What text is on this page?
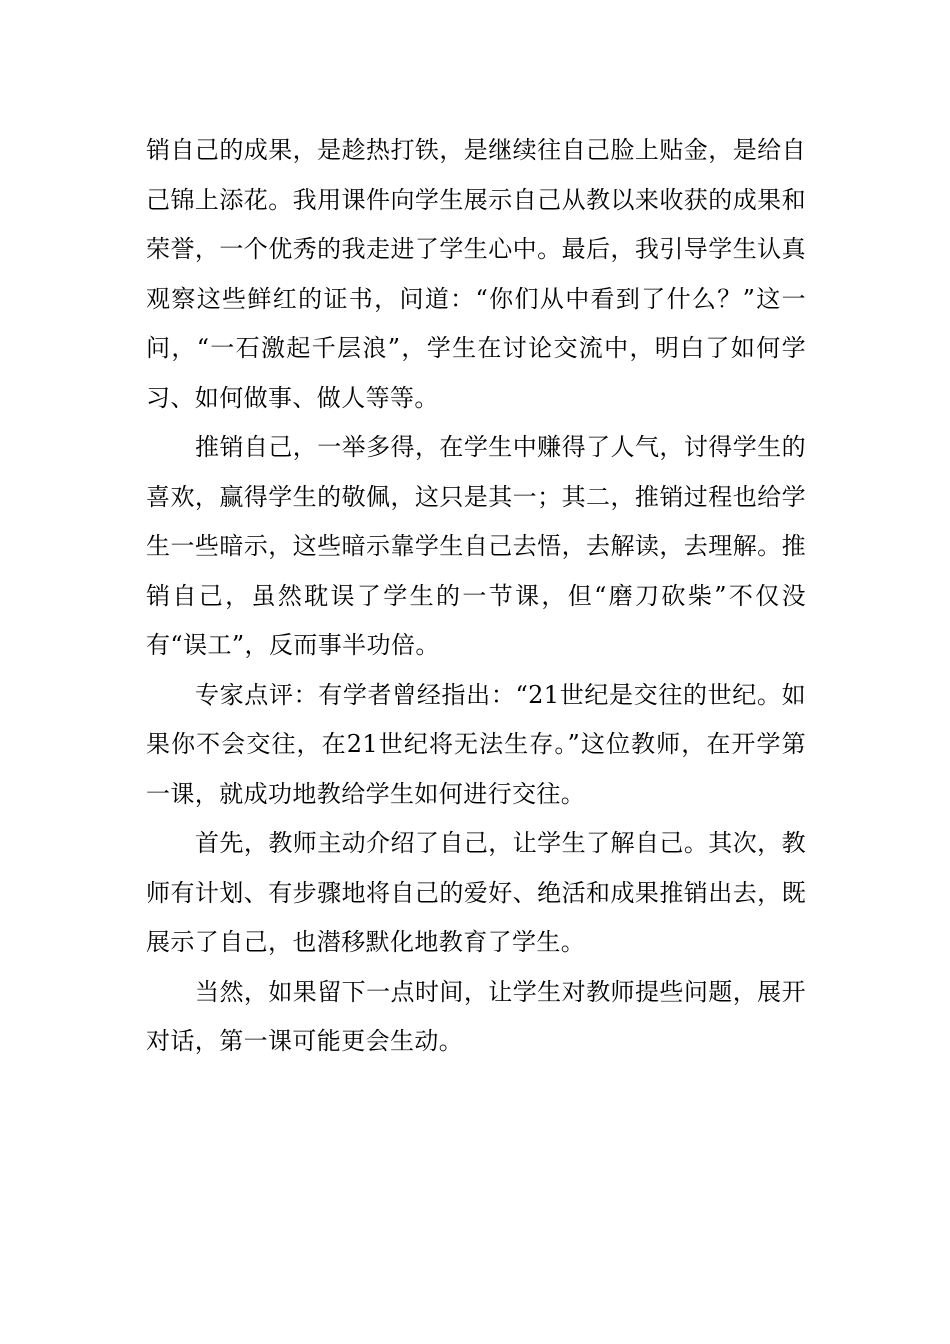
销自己的成果，是趁热打铁，是继续往自己脸上贴金，是给自己锦上添花。我用课件向学生展示自己从教以来收获的成果和荣誉，一个优秀的我走进了学生心中。最后，我引导学生认真观察这些鲜红的证书，问道：“你们从中看到了什么？”这一问，“一石激起千层浪”，学生在讨论交流中，明白了如何学习、如何做事、做人等等。

推销自己，一举多得，在学生中赚得了人气，讨得学生的喜欢，赢得学生的敬佩，这只是其一；其二，推销过程也给学生一些暗示，这些暗示靠学生自己去悟，去解读，去理解。推销自己，虽然耽误了学生的一节课，但“磨刀砍柴”不仅没有“误工”，反而事半功倍。

专家点评：有学者曾经指出：“21世纪是交往的世纪。如果你不会交往，在21世纪将无法生存。”这位教师，在开学第一课，就成功地教给学生如何进行交往。

首先，教师主动介绍了自己，让学生了解自己。其次，教师有计划、有步骤地将自己的爱好、绝活和成果推销出去，既展示了自己，也潜移默化地教育了学生。

当然，如果留下一点时间，让学生对教师提些问题，展开对话，第一课可能更会生动。
